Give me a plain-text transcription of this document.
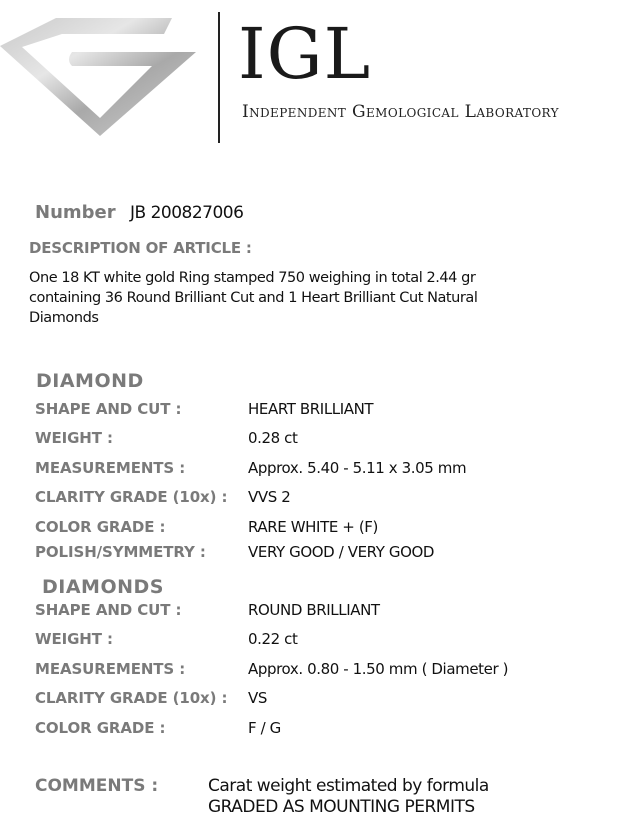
IGL
Independent Gemological Laboratory
Number JB 200827006
DESCRIPTION OF ARTICLE :
One 18 KT white gold Ring stamped 750 weighing in total 2.44 gr
containing 36 Round Brilliant Cut and 1 Heart Brilliant Cut Natural
Diamonds
DIAMOND
SHAPE AND CUT :	HEART BRILLIANT
WEIGHT :	0.28 ct
MEASUREMENTS :	Approx. 5.40 - 5.11 x 3.05 mm
CLARITY GRADE (10x) : VVS 2
COLOR GRADE :	RARE WHITE + (F)
POLISH/SYMMETRY :	VERY GOOD / VERY GOOD
DIAMONDS
SHAPE AND CUT :	ROUND BRILLIANT
WEIGHT :	0.22 ct
MEASUREMENTS :	Approx. 0.80 - 1.50 mm ( Diameter )
CLARITY GRADE (10x) : VS
COLOR GRADE :	F / G
COMMENTS :	Carat weight estimated by formula
GRADED AS MOUNTING PERMITS
